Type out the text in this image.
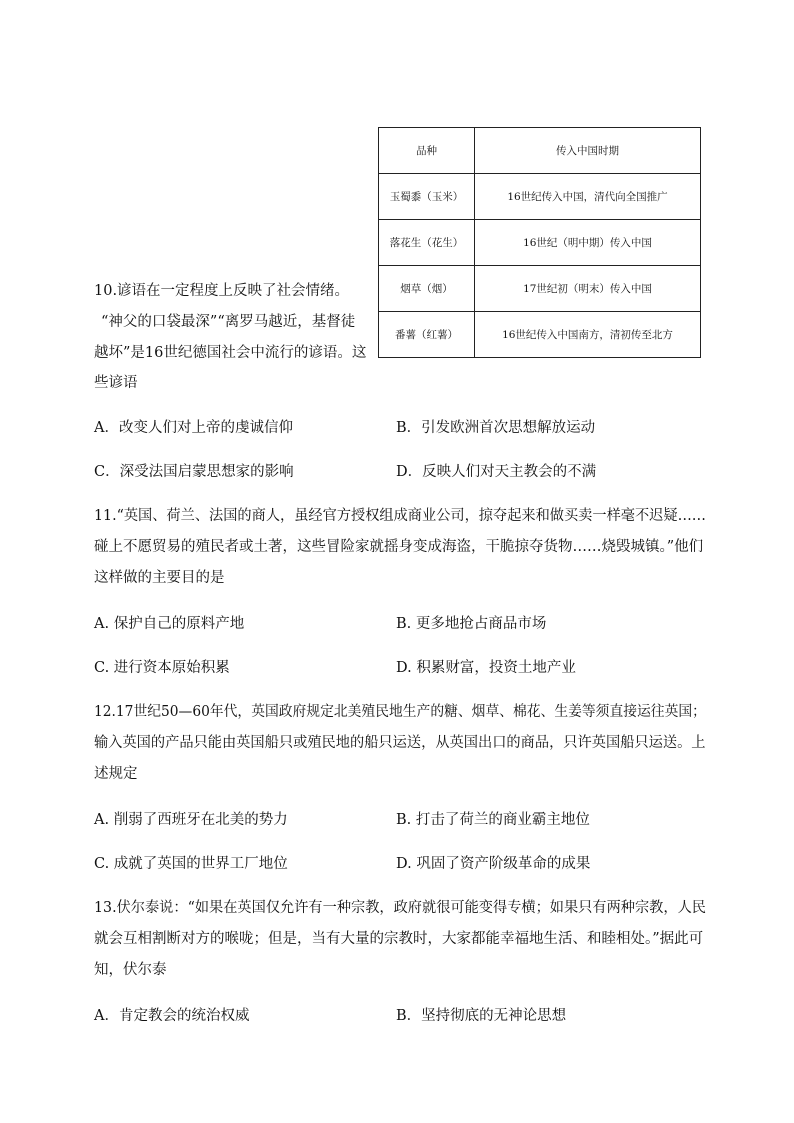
品种	传入中国时期
玉蜀黍（玉米）	16世纪传入中国，清代向全国推广
落花生（花生）	16世纪（明中期）传入中国
烟草（烟）	17世纪初（明末）传入中国
番薯（红薯）	16世纪传入中国南方，清初传至北方
10.谚语在一定程度上反映了社会情绪。
“神父的口袋最深”“离罗马越近，基督徒
越坏”是16世纪德国社会中流行的谚语。这
些谚语
A．改变人们对上帝的虔诚信仰	B．引发欧洲首次思想解放运动
C．深受法国启蒙思想家的影响	D．反映人们对天主教会的不满
11.“英国、荷兰、法国的商人，虽经官方授权组成商业公司，掠夺起来和做买卖一样毫不迟疑……
碰上不愿贸易的殖民者或土著，这些冒险家就摇身变成海盗，干脆掠夺货物……烧毁城镇。”他们
这样做的主要目的是
A. 保护自己的原料产地	B. 更多地抢占商品市场
C. 进行资本原始积累	D. 积累财富，投资土地产业
12.17世纪50—60年代，英国政府规定北美殖民地生产的糖、烟草、棉花、生姜等须直接运往英国；
输入英国的产品只能由英国船只或殖民地的船只运送，从英国出口的商品，只许英国船只运送。上
述规定
A. 削弱了西班牙在北美的势力	B. 打击了荷兰的商业霸主地位
C. 成就了英国的世界工厂地位	D. 巩固了资产阶级革命的成果
13.伏尔泰说：“如果在英国仅允许有一种宗教，政府就很可能变得专横；如果只有两种宗教，人民
就会互相割断对方的喉咙；但是，当有大量的宗教时，大家都能幸福地生活、和睦相处。”据此可
知，伏尔泰
A．肯定教会的统治权威	B．坚持彻底的无神论思想
